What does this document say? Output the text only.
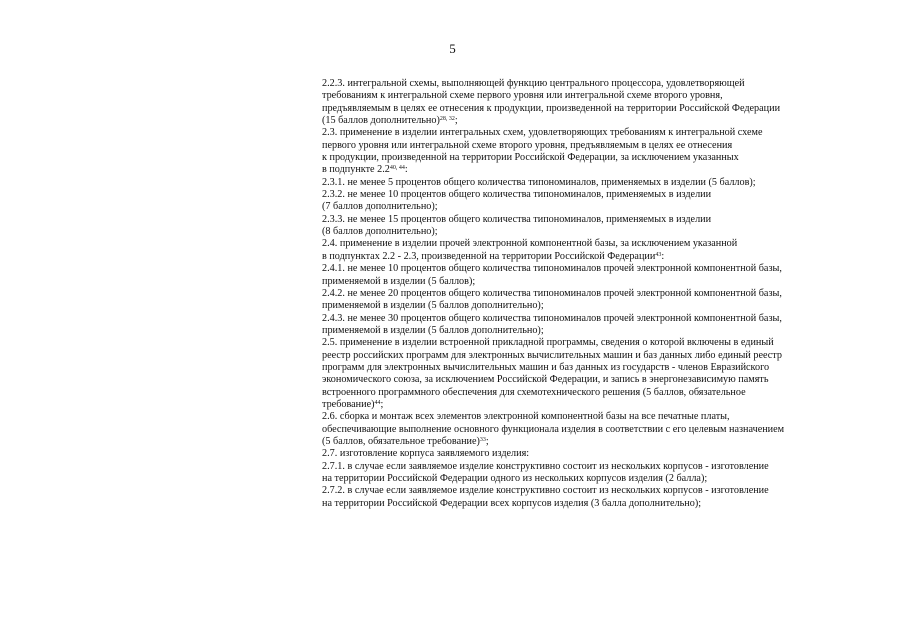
5
2.2.3. интегральной схемы, выполняющей функцию центрального процессора, удовлетворяющей
требованиям к интегральной схеме первого уровня или интегральной схеме второго уровня,
предъявляемым в целях ее отнесения к продукции, произведенной на территории Российской Федерации
(15 баллов дополнительно)$^{28, 32}$;
2.3. применение в изделии интегральных схем, удовлетворяющих требованиям к интегральной схеме
первого уровня или интегральной схеме второго уровня, предъявляемым в целях ее отнесения
к продукции, произведенной на территории Российской Федерации, за исключением указанных
в подпункте 2.2$^{40, 44}$:
2.3.1. не менее 5 процентов общего количества типономиналов, применяемых в изделии (5 баллов);
2.3.2. не менее 10 процентов общего количества типономиналов, применяемых в изделии
(7 баллов дополнительно);
2.3.3. не менее 15 процентов общего количества типономиналов, применяемых в изделии
(8 баллов дополнительно);
2.4. применение в изделии прочей электронной компонентной базы, за исключением указанной
в подпунктах 2.2 - 2.3, произведенной на территории Российской Федерации$^{43}$:
2.4.1. не менее 10 процентов общего количества типономиналов прочей электронной компонентной базы,
применяемой в изделии (5 баллов);
2.4.2. не менее 20 процентов общего количества типономиналов прочей электронной компонентной базы,
применяемой в изделии (5 баллов дополнительно);
2.4.3. не менее 30 процентов общего количества типономиналов прочей электронной компонентной базы,
применяемой в изделии (5 баллов дополнительно);
2.5. применение в изделии встроенной прикладной программы, сведения о которой включены в единый
реестр российских программ для электронных вычислительных машин и баз данных либо единый реестр
программ для электронных вычислительных машин и баз данных из государств - членов Евразийского
экономического союза, за исключением Российской Федерации, и запись в энергонезависимую память
встроенного программного обеспечения для схемотехнического решения (5 баллов, обязательное
требование)$^{44}$;
2.6. сборка и монтаж всех элементов электронной компонентной базы на все печатные платы,
обеспечивающие выполнение основного функционала изделия в соответствии с его целевым назначением
(5 баллов, обязательное требование)$^{33}$;
2.7. изготовление корпуса заявляемого изделия:
2.7.1. в случае если заявляемое изделие конструктивно состоит из нескольких корпусов - изготовление
на территории Российской Федерации одного из нескольких корпусов изделия (2 балла);
2.7.2. в случае если заявляемое изделие конструктивно состоит из нескольких корпусов - изготовление
на территории Российской Федерации всех корпусов изделия (3 балла дополнительно);
